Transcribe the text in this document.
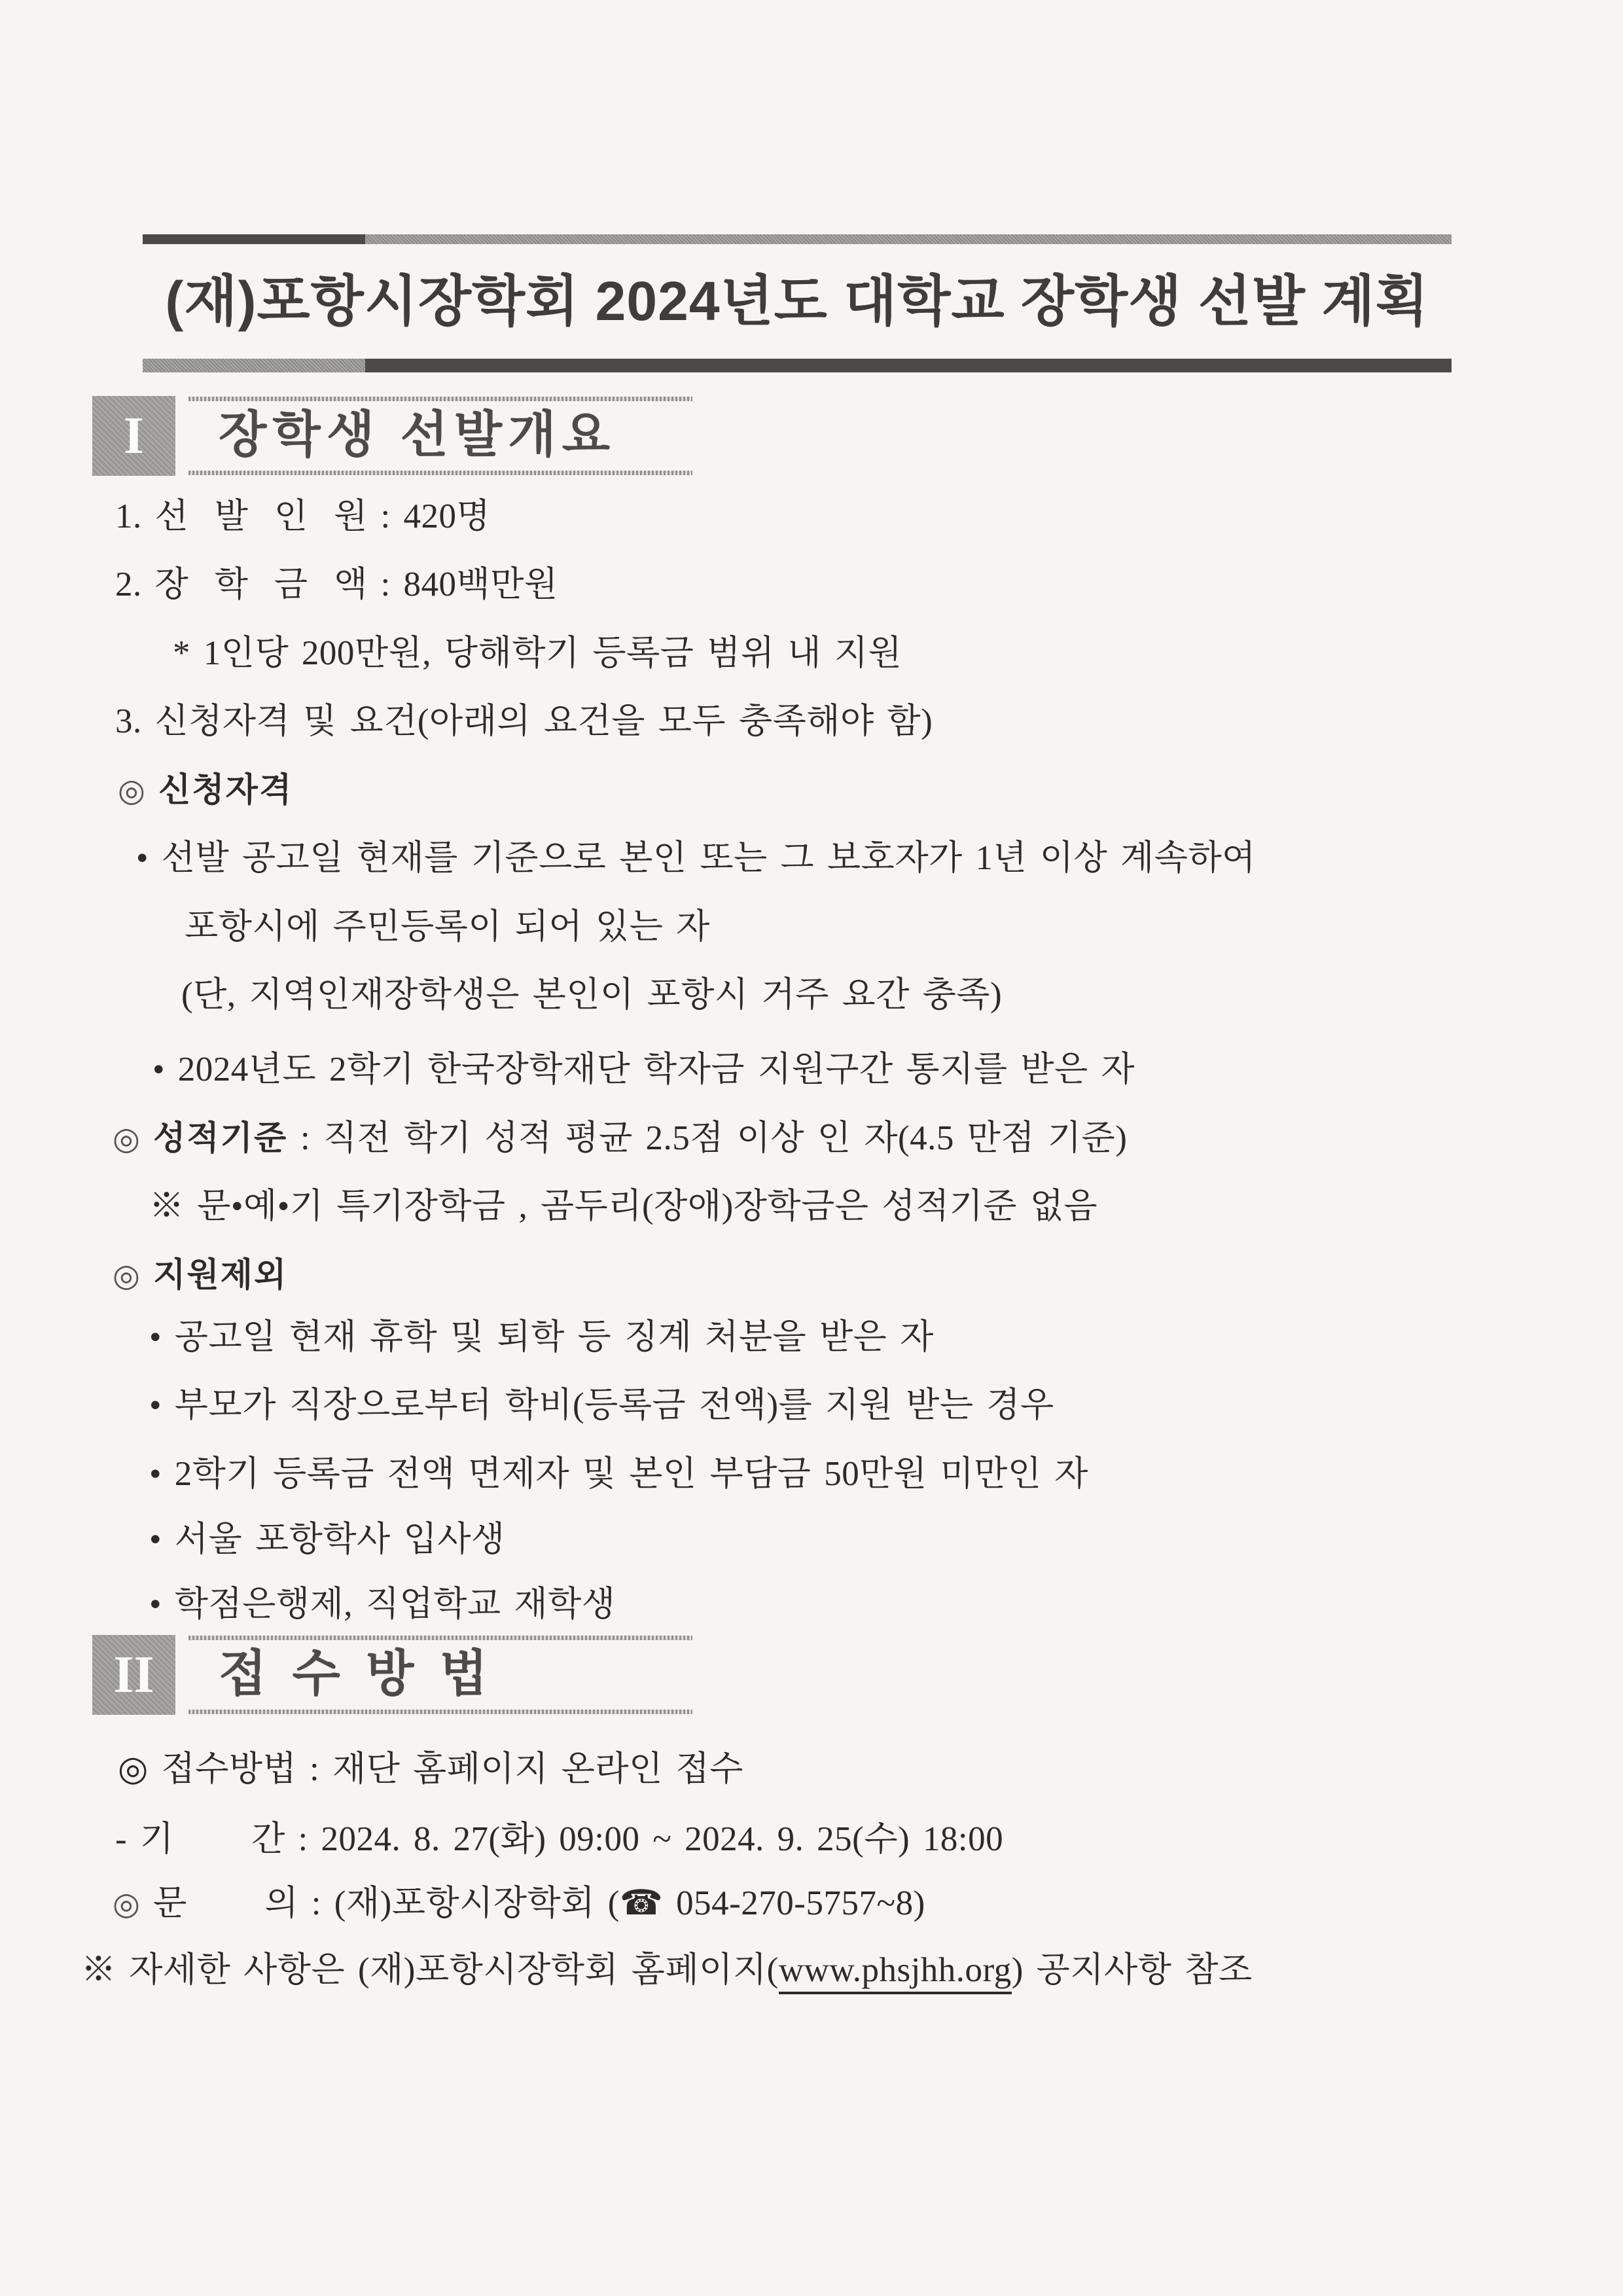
(재)포항시장학회 2024년도 대학교 장학생 선발 계획
I 장학생 선발개요
1. 선  발  인  원 : 420명
2. 장  학  금  액 : 840백만원
* 1인당 200만원, 당해학기 등록금 범위 내 지원
3. 신청자격 및 요건(아래의 요건을 모두 충족해야 함)
◎ 신청자격
• 선발 공고일 현재를 기준으로 본인 또는 그 보호자가 1년 이상 계속하여
포항시에 주민등록이 되어 있는 자
(단, 지역인재장학생은 본인이 포항시 거주 요간 충족)
• 2024년도 2학기 한국장학재단 학자금 지원구간 통지를 받은 자
◎ 성적기준 : 직전 학기 성적 평균 2.5점 이상 인 자(4.5 만점 기준)
※ 문•예•기 특기장학금 , 곰두리(장애)장학금은 성적기준 없음
◎ 지원제외
• 공고일 현재 휴학 및 퇴학 등 징계 처분을 받은 자
• 부모가 직장으로부터 학비(등록금 전액)를 지원 받는 경우
• 2학기 등록금 전액 면제자 및 본인 부담금 50만원 미만인 자
• 서울 포항학사 입사생
• 학점은행제, 직업학교 재학생
II 접 수 방 법
◎ 접수방법 : 재단 홈페이지 온라인 접수
- 기      간 : 2024. 8. 27(화) 09:00 ~ 2024. 9. 25(수) 18:00
◎ 문      의 : (재)포항시장학회 (☎ 054-270-5757~8)
※ 자세한 사항은 (재)포항시장학회 홈페이지(www.phsjhh.org) 공지사항 참조
